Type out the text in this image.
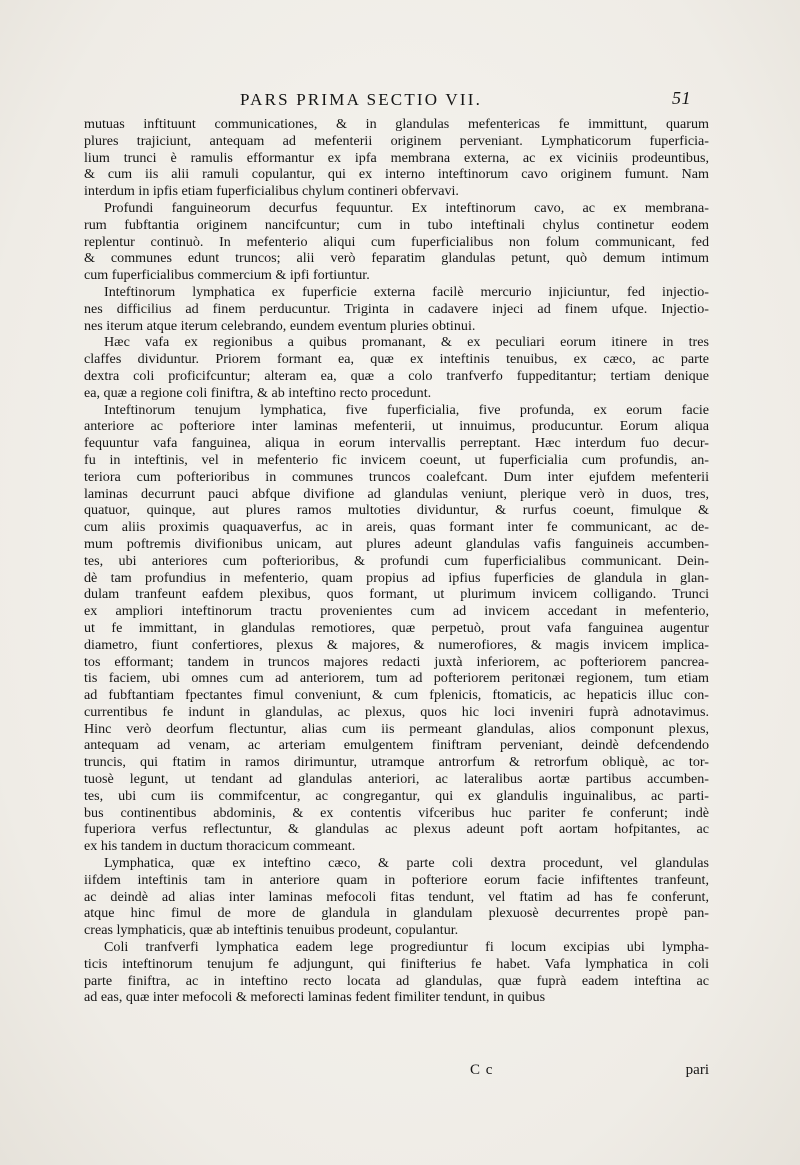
PARS PRIMA SECTIO VII.	51
mutuas inftituunt communicationes, & in glandulas mefentericas fe immittunt, quarum
plures trajiciunt, antequam ad mefenterii originem perveniant. Lymphaticorum fuperficia-
lium trunci è ramulis efformantur ex ipfa membrana externa, ac ex viciniis prodeuntibus,
& cum iis alii ramuli copulantur, qui ex interno inteftinorum cavo originem fumunt. Nam
interdum in ipfis etiam fuperficialibus chylum contineri obfervavi.
Profundi fanguineorum decurfus fequuntur. Ex inteftinorum cavo, ac ex membrana-
rum fubftantia originem nancifcuntur; cum in tubo inteftinali chylus continetur eodem
replentur continuò. In mefenterio aliqui cum fuperficialibus non folum communicant, fed
& communes edunt truncos; alii verò feparatim glandulas petunt, quò demum intimum
cum fuperficialibus commercium & ipfi fortiuntur.
Inteftinorum lymphatica ex fuperficie externa facilè mercurio injiciuntur, fed injectio-
nes difficilius ad finem perducuntur. Triginta in cadavere injeci ad finem ufque. Injectio-
nes iterum atque iterum celebrando, eundem eventum pluries obtinui.
Hæc vafa ex regionibus a quibus promanant, & ex peculiari eorum itinere in tres
claffes dividuntur. Priorem formant ea, quæ ex inteftinis tenuibus, ex cæco, ac parte
dextra coli proficifcuntur; alteram ea, quæ a colo tranfverfo fuppeditantur; tertiam denique
ea, quæ a regione coli finiftra, & ab inteftino recto procedunt.
Inteftinorum tenujum lymphatica, five fuperficialia, five profunda, ex eorum facie
anteriore ac pofteriore inter laminas mefenterii, ut innuimus, producuntur. Eorum aliqua
fequuntur vafa fanguinea, aliqua in eorum intervallis perreptant. Hæc interdum fuo decur-
fu in inteftinis, vel in mefenterio fic invicem coeunt, ut fuperficialia cum profundis, an-
teriora cum pofterioribus in communes truncos coalefcant. Dum inter ejufdem mefenterii
laminas decurrunt pauci abfque divifione ad glandulas veniunt, plerique verò in duos, tres,
quatuor, quinque, aut plures ramos multoties dividuntur, & rurfus coeunt, fimulque &
cum aliis proximis quaquaverfus, ac in areis, quas formant inter fe communicant, ac de-
mum poftremis divifionibus unicam, aut plures adeunt glandulas vafis fanguineis accumben-
tes, ubi anteriores cum pofterioribus, & profundi cum fuperficialibus communicant. Dein-
dè tam profundius in mefenterio, quam propius ad ipfius fuperficies de glandula in glan-
dulam tranfeunt eafdem plexibus, quos formant, ut plurimum invicem colligando. Trunci
ex ampliori inteftinorum tractu provenientes cum ad invicem accedant in mefenterio,
ut fe immittant, in glandulas remotiores, quæ perpetuò, prout vafa fanguinea augentur
diametro, fiunt confertiores, plexus & majores, & numerofiores, & magis invicem implica-
tos efformant; tandem in truncos majores redacti juxtà inferiorem, ac pofteriorem pancrea-
tis faciem, ubi omnes cum ad anteriorem, tum ad pofteriorem peritonæi regionem, tum etiam
ad fubftantiam fpectantes fimul conveniunt, & cum fplenicis, ftomaticis, ac hepaticis illuc con-
currentibus fe indunt in glandulas, ac plexus, quos hic loci inveniri fuprà adnotavimus.
Hinc verò deorfum flectuntur, alias cum iis permeant glandulas, alios componunt plexus,
antequam ad venam, ac arteriam emulgentem finiftram perveniant, deindè defcendendo
truncis, qui ftatim in ramos dirimuntur, utramque antrorfum & retrorfum obliquè, ac tor-
tuosè legunt, ut tendant ad glandulas anteriori, ac lateralibus aortæ partibus accumben-
tes, ubi cum iis commifcentur, ac congregantur, qui ex glandulis inguinalibus, ac parti-
bus continentibus abdominis, & ex contentis vifceribus huc pariter fe conferunt; indè
fuperiora verfus reflectuntur, & glandulas ac plexus adeunt poft aortam hofpitantes, ac
ex his tandem in ductum thoracicum commeant.
Lymphatica, quæ ex inteftino cæco, & parte coli dextra procedunt, vel glandulas
iifdem inteftinis tam in anteriore quam in pofteriore eorum facie infiftentes tranfeunt,
ac deindè ad alias inter laminas mefocoli fitas tendunt, vel ftatim ad has fe conferunt,
atque hinc fimul de more de glandula in glandulam plexuosè decurrentes propè pan-
creas lymphaticis, quæ ab inteftinis tenuibus prodeunt, copulantur.
Coli tranfverfi lymphatica eadem lege progrediuntur fi locum excipias ubi lympha-
ticis inteftinorum tenujum fe adjungunt, qui finifterius fe habet. Vafa lymphatica in coli
parte finiftra, ac in inteftino recto locata ad glandulas, quæ fuprà eadem inteftina ac
ad eas, quæ inter mefocoli & meforecti laminas fedent fimiliter tendunt, in quibus
C c	pari
